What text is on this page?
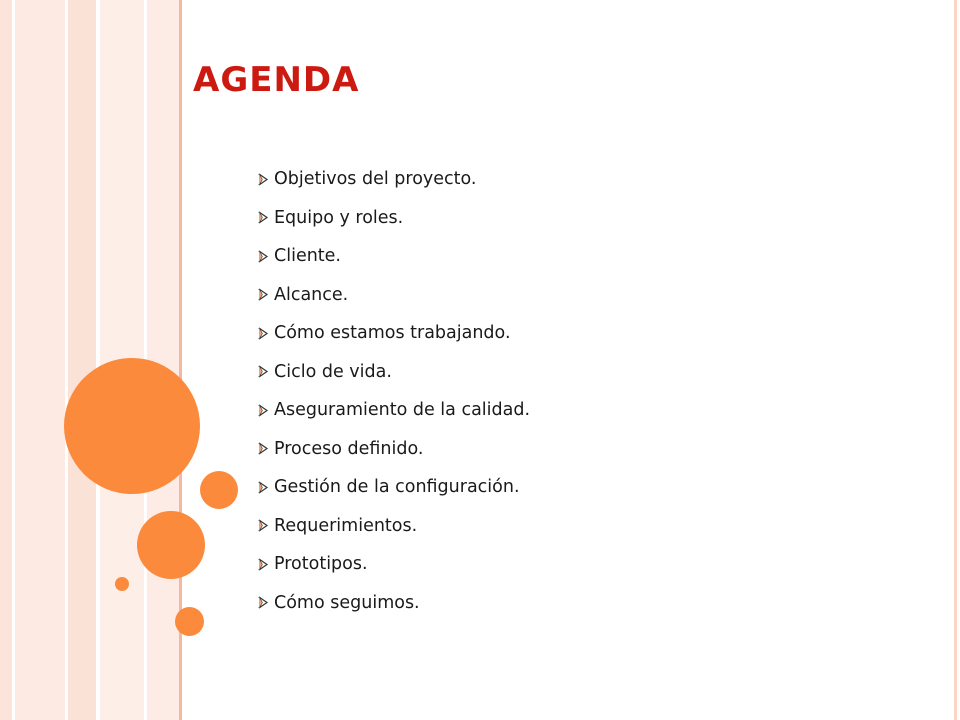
AGENDA
Objetivos del proyecto.
Equipo y roles.
Cliente.
Alcance.
Cómo estamos trabajando.
Ciclo de vida.
Aseguramiento de la calidad.
Proceso definido.
Gestión de la configuración.
Requerimientos.
Prototipos.
Cómo seguimos.
